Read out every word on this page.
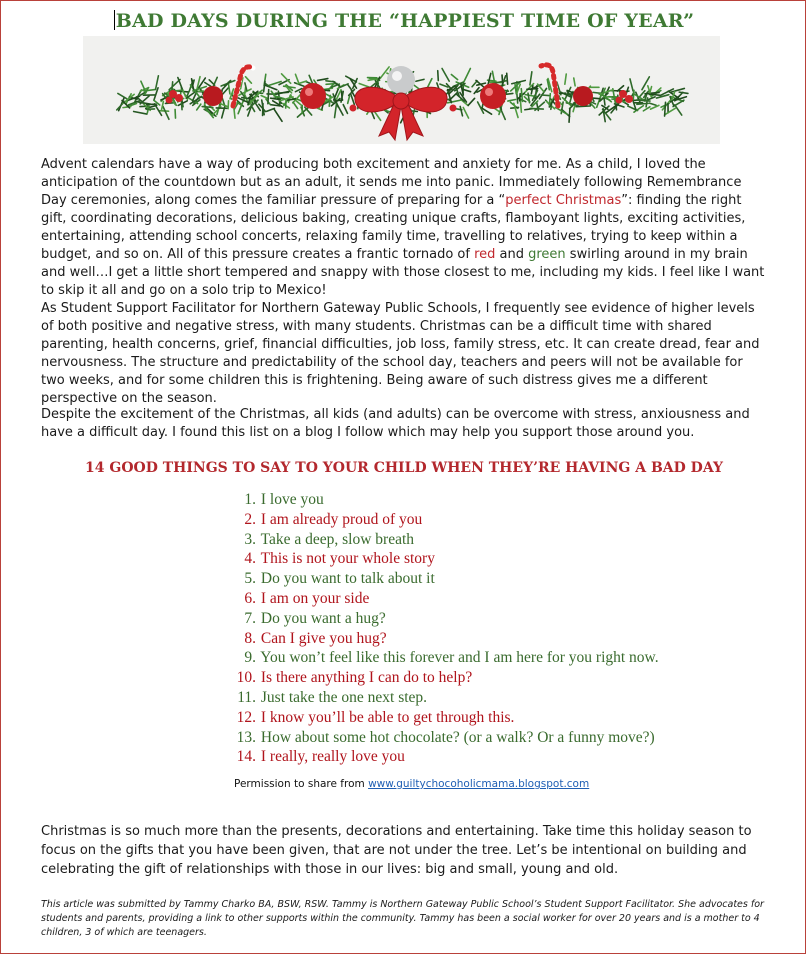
BAD DAYS DURING THE “HAPPIEST TIME OF YEAR”

Advent calendars have a way of producing both excitement and anxiety for me. As a child, I loved the anticipation of the countdown but as an adult, it sends me into panic. Immediately following Remembrance Day ceremonies, along comes the familiar pressure of preparing for a “perfect Christmas”: finding the right gift, coordinating decorations, delicious baking, creating unique crafts, flamboyant lights, exciting activities, entertaining, attending school concerts, relaxing family time, travelling to relatives, trying to keep within a budget, and so on. All of this pressure creates a frantic tornado of red and green swirling around in my brain and well…I get a little short tempered and snappy with those closest to me, including my kids. I feel like I want to skip it all and go on a solo trip to Mexico!

As Student Support Facilitator for Northern Gateway Public Schools, I frequently see evidence of higher levels of both positive and negative stress, with many students. Christmas can be a difficult time with shared parenting, health concerns, grief, financial difficulties, job loss, family stress, etc. It can create dread, fear and nervousness. The structure and predictability of the school day, teachers and peers will not be available for two weeks, and for some children this is frightening. Being aware of such distress gives me a different perspective on the season.

Despite the excitement of the Christmas, all kids (and adults) can be overcome with stress, anxiousness and have a difficult day. I found this list on a blog I follow which may help you support those around you.

14 GOOD THINGS TO SAY TO YOUR CHILD WHEN THEY’RE HAVING A BAD DAY
1. I love you
2. I am already proud of you
3. Take a deep, slow breath
4. This is not your whole story
5. Do you want to talk about it
6. I am on your side
7. Do you want a hug?
8. Can I give you hug?
9. You won’t feel like this forever and I am here for you right now.
10. Is there anything I can do to help?
11. Just take the one next step.
12. I know you’ll be able to get through this.
13. How about some hot chocolate? (or a walk? Or a funny move?)
14. I really, really love you
Permission to share from www.guiltychocoholicmama.blogspot.com

Christmas is so much more than the presents, decorations and entertaining. Take time this holiday season to focus on the gifts that you have been given, that are not under the tree. Let’s be intentional on building and celebrating the gift of relationships with those in our lives: big and small, young and old.

This article was submitted by Tammy Charko BA, BSW, RSW. Tammy is Northern Gateway Public School’s Student Support Facilitator. She advocates for students and parents, providing a link to other supports within the community. Tammy has been a social worker for over 20 years and is a mother to 4 children, 3 of which are teenagers.
